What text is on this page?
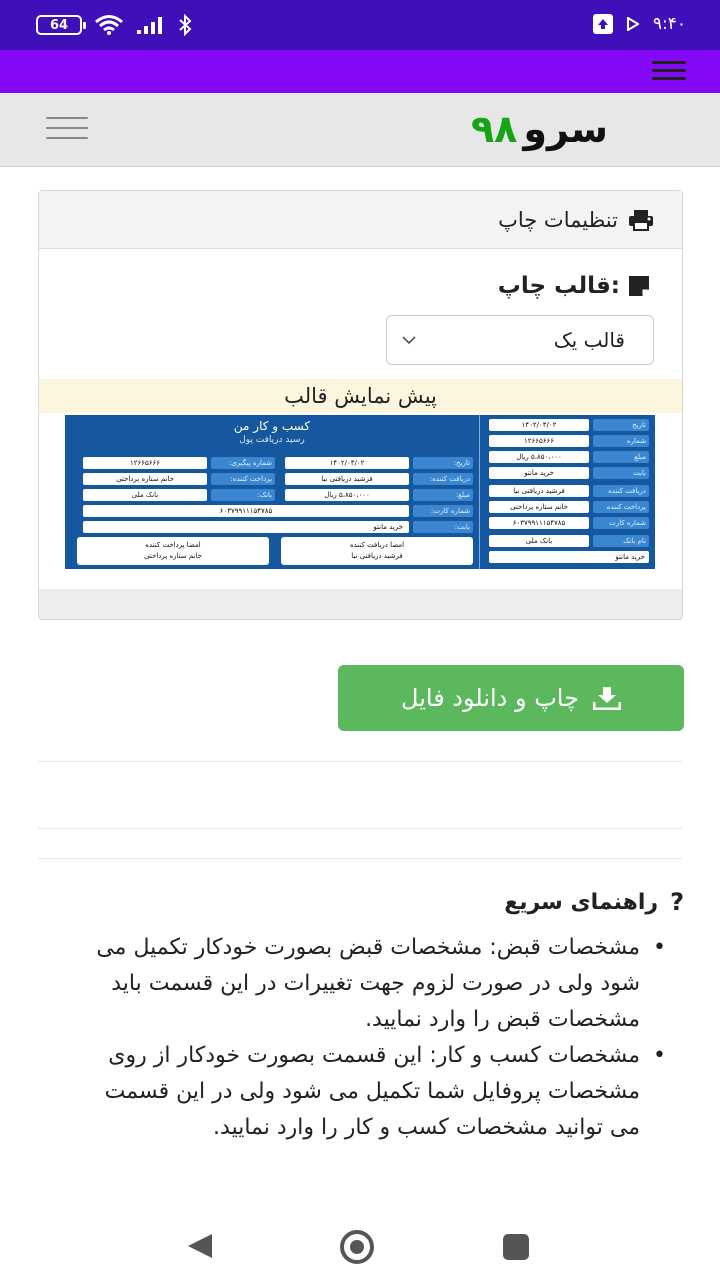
64	۹:۴۰
سرو۹۸
تنظیمات چاپ
قالب چاپ:
قالب یک
پیش نمایش قالب
تاریخ
۱۴۰۲/۰۴/۰۲
شماره
۱۲۶۶۵۶۶۶
مبلغ
۵،۸۵۰،۰۰۰ ریال
بابت
خرید مانتو
دریافت کننده
فرشید دریافتی نیا
پرداخت کننده
خانم ستاره پرداختی
شماره کارت
۶۰۳۷۹۹۱۱۱۵۴۷۸۵
نام بانک
بانک ملی
خرید مانتو
کسب و کار من
رسید دریافت پول
تاریخ:
۱۴۰۲/۰۴/۰۲
شماره پیگیری:
۱۲۶۶۵۶۶۶
دریافت کننده:
فرشید دریافتی نیا
پرداخت کننده:
خانم ستاره پرداختی
مبلغ:
۵،۸۵۰،۰۰۰ ریال
بانک:
بانک ملی
شماره کارت:
۶۰۳۷۹۹۱۱۱۵۴۷۸۵
بابت:
خرید مانتو
امضا دریافت کننده
فرشید دریافتی نیا
امضا پرداخت کننده
خانم ستاره پرداختی
چاپ و دانلود فایل
?
راهنمای سریع
• مشخصات قبض: مشخصات قبض بصورت خودکار تکمیل می شود ولی در صورت لزوم جهت تغییرات در این قسمت باید مشخصات قبض را وارد نمایید.
• مشخصات کسب و کار: این قسمت بصورت خودکار از روی مشخصات پروفایل شما تکمیل می شود ولی در این قسمت می توانید مشخصات کسب و کار را وارد نمایید.
